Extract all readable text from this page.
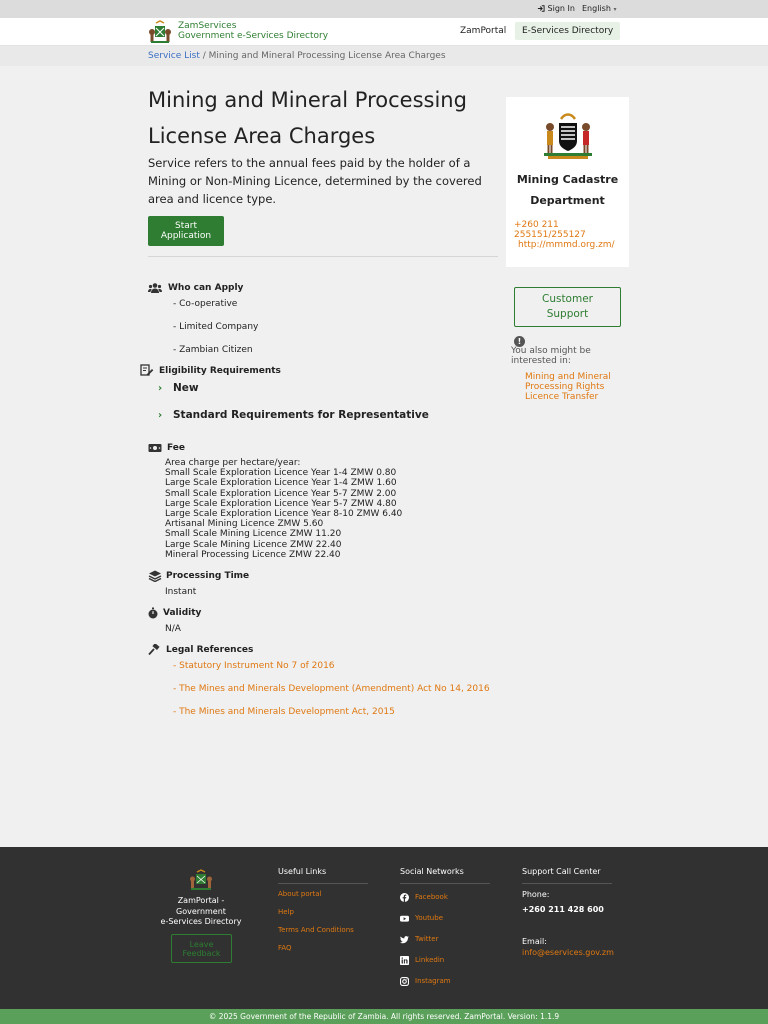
Sign In English ▾
ZamServices
Government e-Services Directory	ZamPortal	E-Services Directory
Service List / Mining and Mineral Processing License Area Charges
Mining and Mineral Processing
License Area Charges

Service refers to the annual fees paid by the holder of a Mining or Non-Mining Licence, determined by the covered area and licence type.

Start
Application
Who can Apply
- Co-operative
- Limited Company
- Zambian Citizen
Eligibility Requirements
› New
› Standard Requirements for Representative
Fee
Area charge per hectare/year:
Small Scale Exploration Licence Year 1-4 ZMW 0.80
Large Scale Exploration Licence Year 1-4 ZMW 1.60
Small Scale Exploration Licence Year 5-7 ZMW 2.00
Large Scale Exploration Licence Year 5-7 ZMW 4.80
Large Scale Exploration Licence Year 8-10 ZMW 6.40
Artisanal Mining Licence ZMW 5.60
Small Scale Mining Licence ZMW 11.20
Large Scale Mining Licence ZMW 22.40
Mineral Processing Licence ZMW 22.40
Processing Time
Instant
Validity
N/A
Legal References
- Statutory Instrument No 7 of 2016
- The Mines and Minerals Development (Amendment) Act No 14, 2016
- The Mines and Minerals Development Act, 2015
Mining Cadastre
Department
+260 211 255151/255127
http://mmmd.org.zm/
Customer
Support
!
You also might be interested in:
Mining and Mineral Processing Rights Licence Transfer
ZamPortal -
Government
e-Services Directory
Leave
Feedback
Useful Links
About portal
Help
Terms And Conditions
FAQ
Social Networks
Facebook
Youtube
Twitter
Linkedin
Instagram
Support Call Center
Phone:
+260 211 428 600
Email:
info@eservices.gov.zm
© 2025 Government of the Republic of Zambia. All rights reserved. ZamPortal. Version: 1.1.9
